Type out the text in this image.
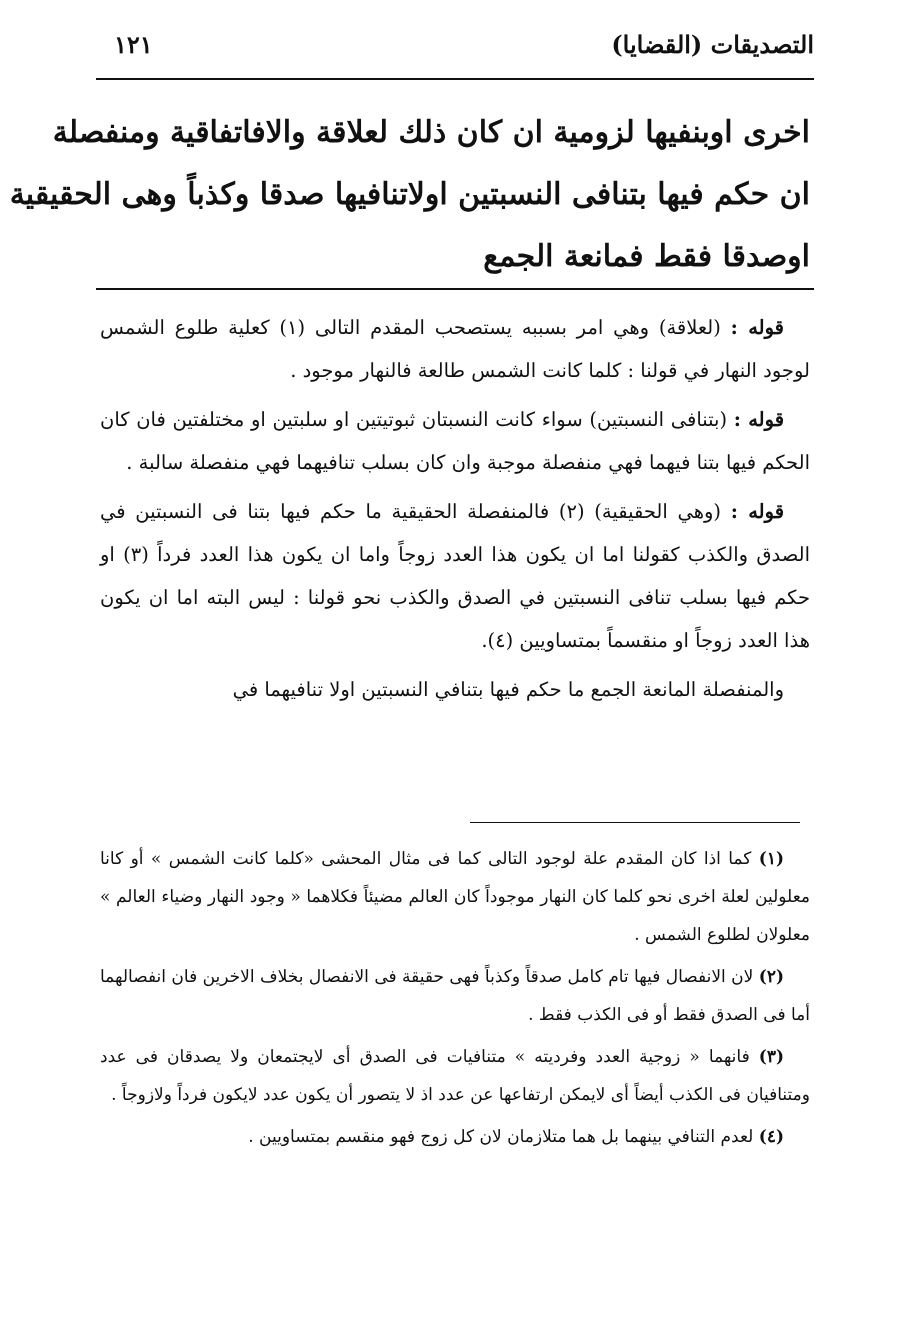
التصديقات (القضايا)
١٢١
اخرى اوبنفيها لزومية ان كان ذلك لعلاقة والافاتفاقية ومنفصلة
ان حكم فيها بتنافى النسبتين اولاتنافيها صدقا وكذباً وهى الحقيقية
اوصدقا فقط فمانعة الجمع

قوله : (لعلاقة) وهي امر بسببه يستصحب المقدم التالى (١) كعلية طلوع الشمس لوجود النهار في قولنا : كلما كانت الشمس طالعة فالنهار موجود .

قوله : (بتنافى النسبتين) سواء كانت النسبتان ثبوتيتين او سلبتين او مختلفتين فان كان الحكم فيها بتنا فيهما فهي منفصلة موجبة وان كان بسلب تنافيهما فهي منفصلة سالبة .

قوله : (وهي الحقيقية) (٢) فالمنفصلة الحقيقية ما حكم فيها بتنا فى النسبتين في الصدق والكذب كقولنا اما ان يكون هذا العدد زوجاً واما ان يكون هذا العدد فرداً (٣) او حكم فيها بسلب تنافى النسبتين في الصدق والكذب نحو قولنا : ليس البته اما ان يكون هذا العدد زوجاً او منقسماً بمتساويين (٤).

والمنفصلة المانعة الجمع ما حكم فيها بتنافي النسبتين اولا تنافيهما في

(١) كما اذا كان المقدم علة لوجود التالى كما فى مثال المحشى «كلما كانت الشمس » أو كانا معلولين لعلة اخرى نحو كلما كان النهار موجوداً كان العالم مضيئاً فكلاهما « وجود النهار وضياء العالم » معلولان لطلوع الشمس .

(٢) لان الانفصال فيها تام كامل صدقاً وكذباً فهى حقيقة فى الانفصال بخلاف الاخرين فان انفصالهما أما فى الصدق فقط أو فى الكذب فقط .

(٣) فانهما « زوجية العدد وفرديته » متنافيات فى الصدق أى لايجتمعان ولا يصدقان فى عدد ومتنافيان فى الكذب أيضاً أى لايمكن ارتفاعها عن عدد اذ لا يتصور أن يكون عدد لايكون فرداً ولازوجاً .

(٤) لعدم التنافي بينهما بل هما متلازمان لان كل زوج فهو منقسم بمتساويين .
